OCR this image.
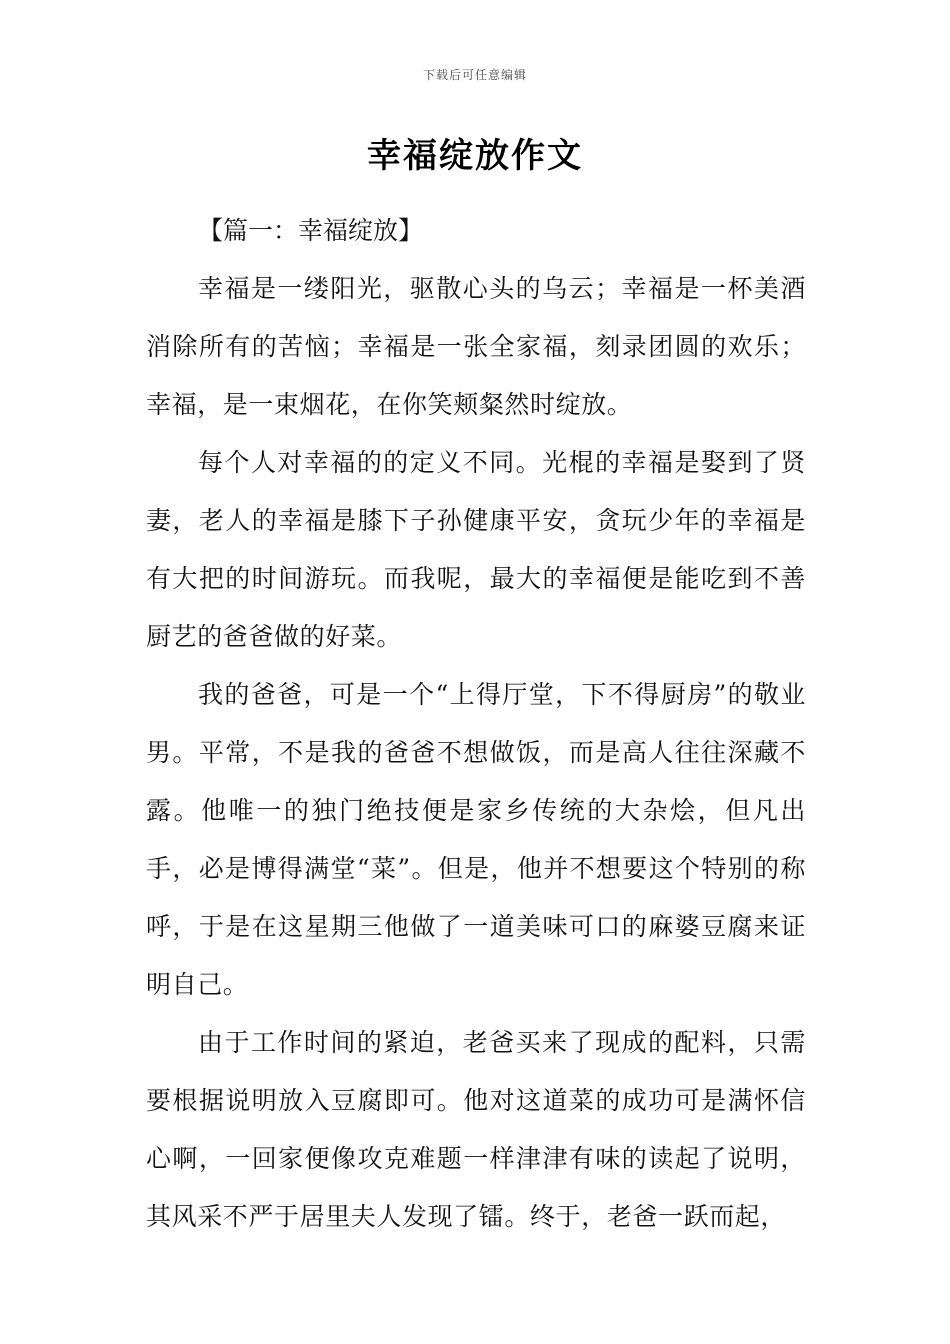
下载后可任意编辑
幸福绽放作文

【篇一：幸福绽放】

幸福是一缕阳光，驱散心头的乌云；幸福是一杯美酒消除所有的苦恼；幸福是一张全家福，刻录团圆的欢乐；幸福，是一束烟花，在你笑颊粲然时绽放。

每个人对幸福的的定义不同。光棍的幸福是娶到了贤妻，老人的幸福是膝下子孙健康平安，贪玩少年的幸福是有大把的时间游玩。而我呢，最大的幸福便是能吃到不善厨艺的爸爸做的好菜。

我的爸爸，可是一个“上得厅堂，下不得厨房”的敬业男。平常，不是我的爸爸不想做饭，而是高人往往深藏不露。他唯一的独门绝技便是家乡传统的大杂烩，但凡出手，必是博得满堂“菜”。但是，他并不想要这个特别的称呼，于是在这星期三他做了一道美味可口的麻婆豆腐来证明自己。

由于工作时间的紧迫，老爸买来了现成的配料，只需要根据说明放入豆腐即可。他对这道菜的成功可是满怀信心啊，一回家便像攻克难题一样津津有味的读起了说明，其风采不严于居里夫人发现了镭。终于，老爸一跃而起，
